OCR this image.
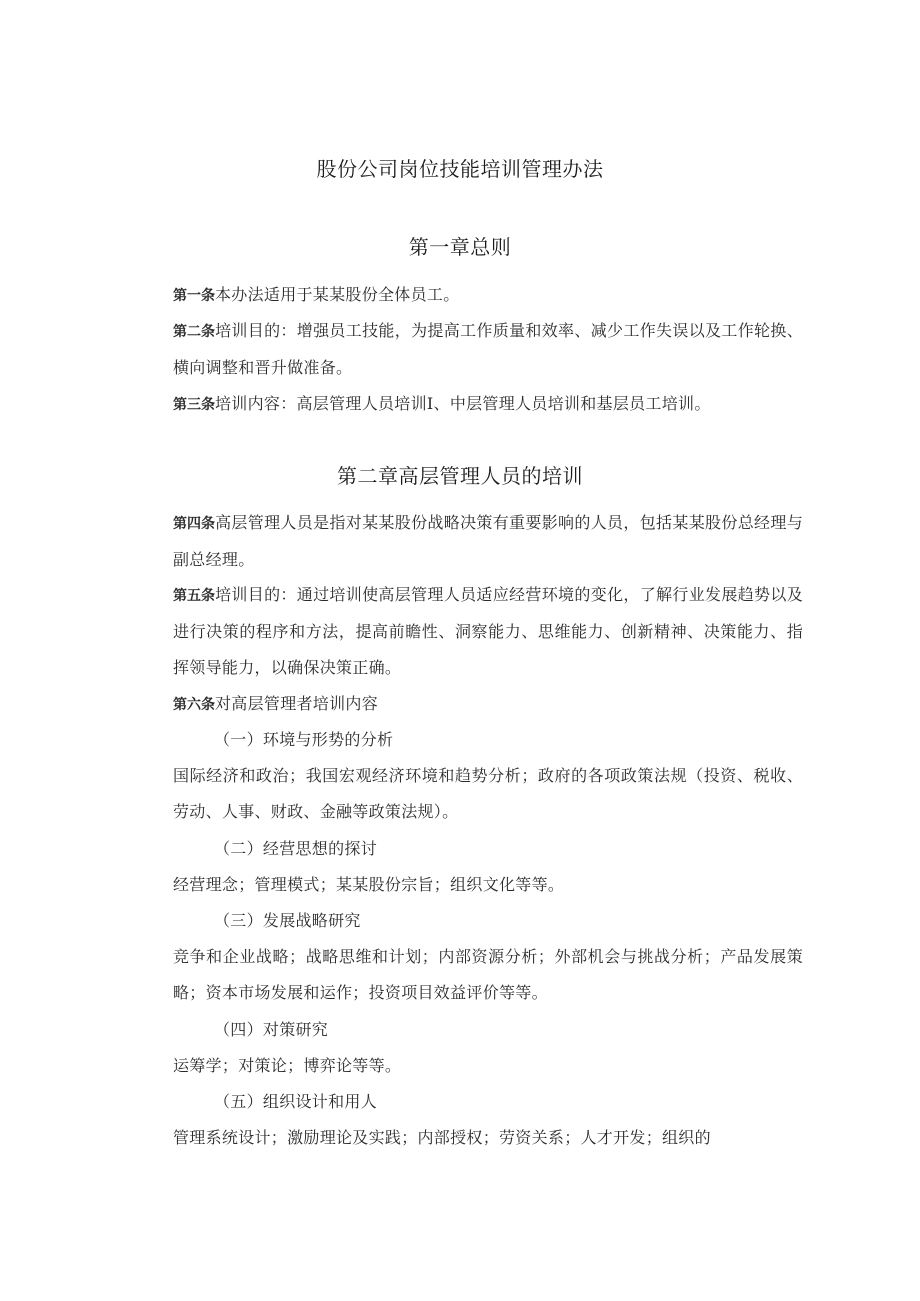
股份公司岗位技能培训管理办法
第一章总则

第一条本办法适用于某某股份全体员工。

第二条培训目的：增强员工技能，为提高工作质量和效率、减少工作失误以及工作轮换、横向调整和晋升做准备。

第三条培训内容：高层管理人员培训I、中层管理人员培训和基层员工培训。

第二章高层管理人员的培训

第四条高层管理人员是指对某某股份战略决策有重要影响的人员，包括某某股份总经理与副总经理。

第五条培训目的：通过培训使高层管理人员适应经营环境的变化，了解行业发展趋势以及进行决策的程序和方法，提高前瞻性、洞察能力、思维能力、创新精神、决策能力、指挥领导能力，以确保决策正确。

第六条对高层管理者培训内容

（一）环境与形势的分析

国际经济和政治；我国宏观经济环境和趋势分析；政府的各项政策法规（投资、税收、劳动、人事、财政、金融等政策法规）。

（二）经营思想的探讨

经营理念；管理模式；某某股份宗旨；组织文化等等。

（三）发展战略研究

竞争和企业战略；战略思维和计划；内部资源分析；外部机会与挑战分析；产品发展策略；资本市场发展和运作；投资项目效益评价等等。

（四）对策研究

运筹学；对策论；博弈论等等。

（五）组织设计和用人

管理系统设计；激励理论及实践；内部授权；劳资关系；人才开发；组织的
